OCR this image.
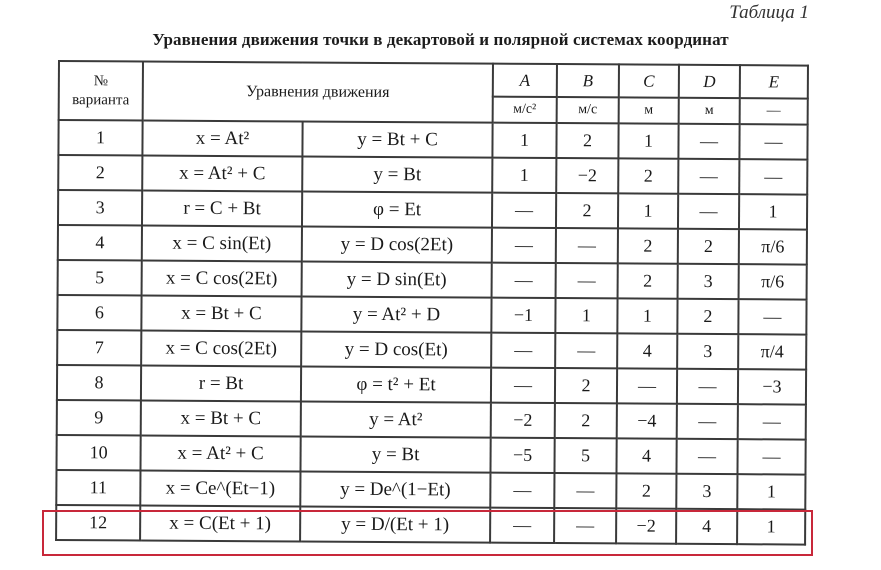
Таблица 1
Уравнения движения точки в декартовой и полярной системах координат
№
варианта	Уравнения движения		A	B	C	D	E
			м/с²	м/с	м	м	—
1	x = At²	y = Bt + C	1	2	1	—	—
2	x = At² + C	y = Bt	1	−2	2	—	—
3	r = C + Bt	φ = Et	—	2	1	—	1
4	x = C sin(Et)	y = D cos(2Et)	—	—	2	2	π/6
5	x = C cos(2Et)	y = D sin(Et)	—	—	2	3	π/6
6	x = Bt + C	y = At² + D	−1	1	1	2	—
7	x = C cos(2Et)	y = D cos(Et)	—	—	4	3	π/4
8	r = Bt	φ = t² + Et	—	2	—	—	−3
9	x = Bt + C	y = At²	−2	2	−4	—	—
10	x = At² + C	y = Bt	−5	5	4	—	—
11	x = Ce^(Et−1)	y = De^(1−Et)	—	—	2	3	1
12	x = C(Et + 1)	y = D/(Et + 1)	—	—	−2	4	1
